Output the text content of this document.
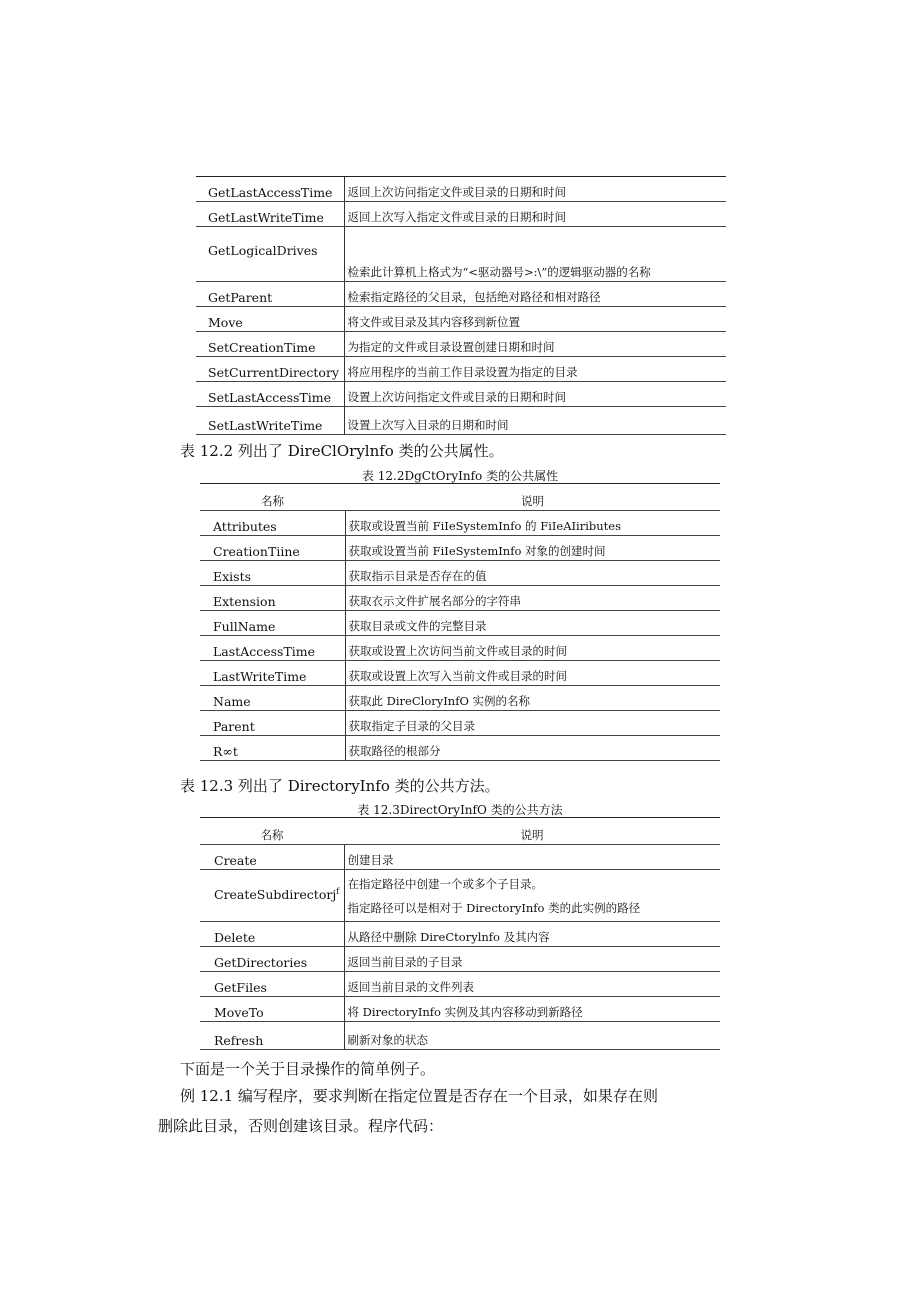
GetLastAccessTime	返回上次访问指定文件或目录的日期和时间
GetLastWriteTime	返回上次写入指定文件或目录的日期和时间
GetLogicalDrives	检索此计算机上格式为“<驱动器号>:\”的逻辑驱动器的名称
GetParent	检索指定路径的父目录，包括绝对路径和相对路径
Move	将文件或目录及其内容移到新位置
SetCreationTime	为指定的文件或目录设置创建日期和时间
SetCurrentDirectory	将应用程序的当前工作目录设置为指定的目录
SetLastAccessTime	设置上次访问指定文件或目录的日期和时间
SetLastWriteTime	设置上次写入目录的日期和时间
表 12.2 列出了 DireClOrylnfo 类的公共属性。
表 12.2DgCtOryInfo 类的公共属性
名称	说明
Attributes	获取或设置当前 FiIeSystemInfo 的 FiIeAIiributes
CreationTiine	获取或设置当前 FiIeSystemInfo 对象的创建时间
Exists	获取指示目录是否存在的值
Extension	获取衣示文件扩展名部分的字符串
FullName	获取目录或文件的完整目录
LastAccessTime	获取或设置上次访问当前文件或目录的时间
LastWriteTime	获取或设置上次写入当前文件或目录的时间
Name	获取此 DireCloryInfO 实例的名称
Parent	获取指定子目录的父目录
R∞t	获取路径的根部分
表 12.3 列出了 DirectoryInfo 类的公共方法。
表 12.3DirectOryInfO 类的公共方法
名称	说明
Create	创建目录
CreateSubdirectorj$^f$	在指定路径中创建一个或多个子目录。
指定路径可以是相对于 DirectoryInfo 类的此实例的路径

Delete	从路径中删除 DireCtorylnfo 及其内容
GetDirectories	返回当前目录的子目录
GetFiles	返回当前目录的文件列表
MoveTo	将 DirectoryInfo 实例及其内容移动到新路径
Refresh	刷新对象的状态
下面是一个关于目录操作的简单例子。
例 12.1 编写程序，要求判断在指定位置是否存在一个目录，如果存在则
删除此目录，否则创建该目录。程序代码：
